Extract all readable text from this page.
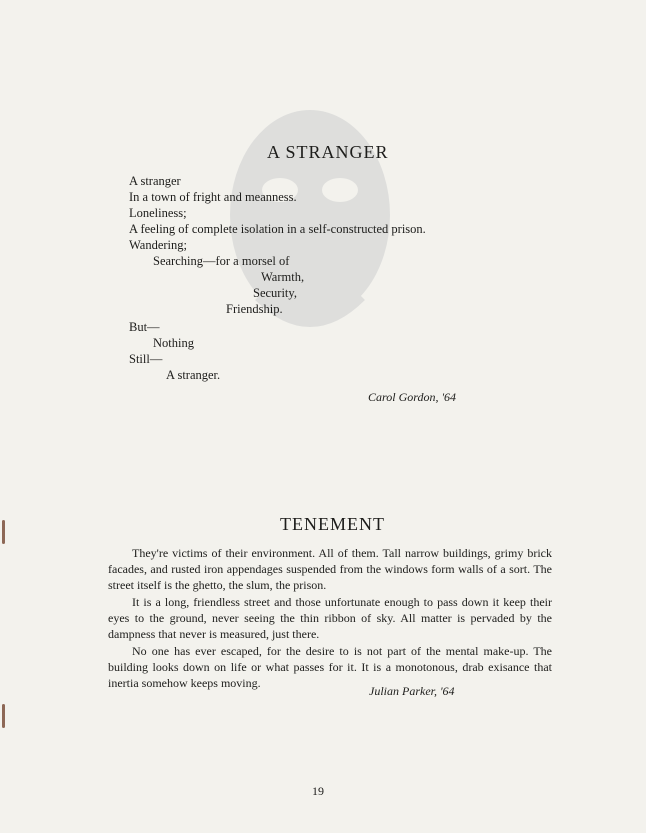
A STRANGER
A stranger
In a town of fright and meanness.
Loneliness;
A feeling of complete isolation in a self-constructed prison.
Wandering;
Searching—for a morsel of
Warmth,
Security,
Friendship.
But—
Nothing
Still—
A stranger.
Carol Gordon, '64
TENEMENT

They're victims of their environment. All of them. Tall narrow buildings, grimy brick facades, and rusted iron appendages suspended from the windows form walls of a sort. The street itself is the ghetto, the slum, the prison.

It is a long, friendless street and those unfortunate enough to pass down it keep their eyes to the ground, never seeing the thin ribbon of sky. All matter is pervaded by the dampness that never is measured, just there.

No one has ever escaped, for the desire to is not part of the mental make-up. The building looks down on life or what passes for it. It is a monotonous, drab exisance that inertia somehow keeps moving.

Julian Parker, '64
19
